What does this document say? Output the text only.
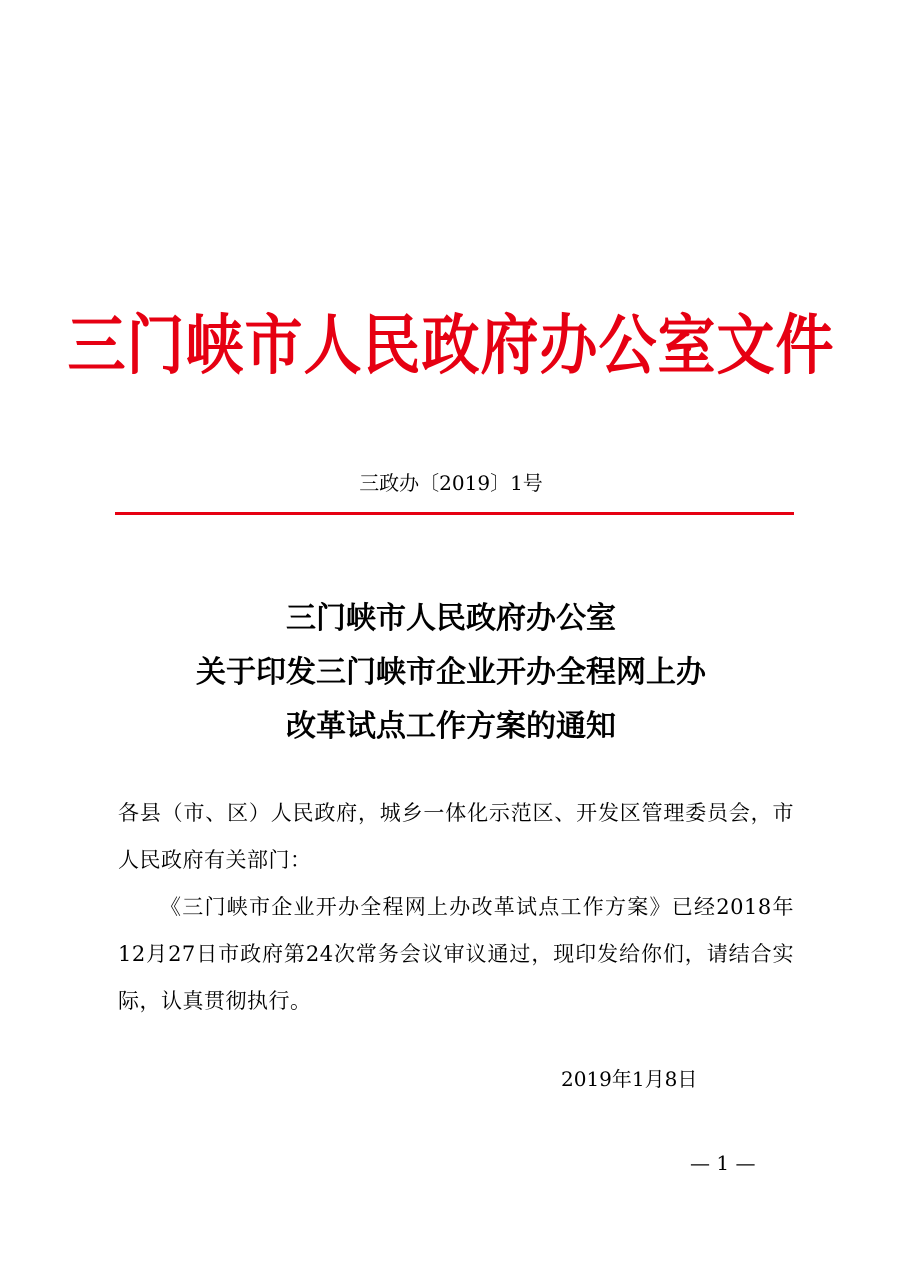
三门峡市人民政府办公室文件
三政办〔2019〕1号
三门峡市人民政府办公室
关于印发三门峡市企业开办全程网上办
改革试点工作方案的通知

各县（市、区）人民政府，城乡一体化示范区、开发区管理委员会，市人民政府有关部门：

《三门峡市企业开办全程网上办改革试点工作方案》已经2018年12月27日市政府第24次常务会议审议通过，现印发给你们，请结合实际，认真贯彻执行。

2019年1月8日
— 1 —
